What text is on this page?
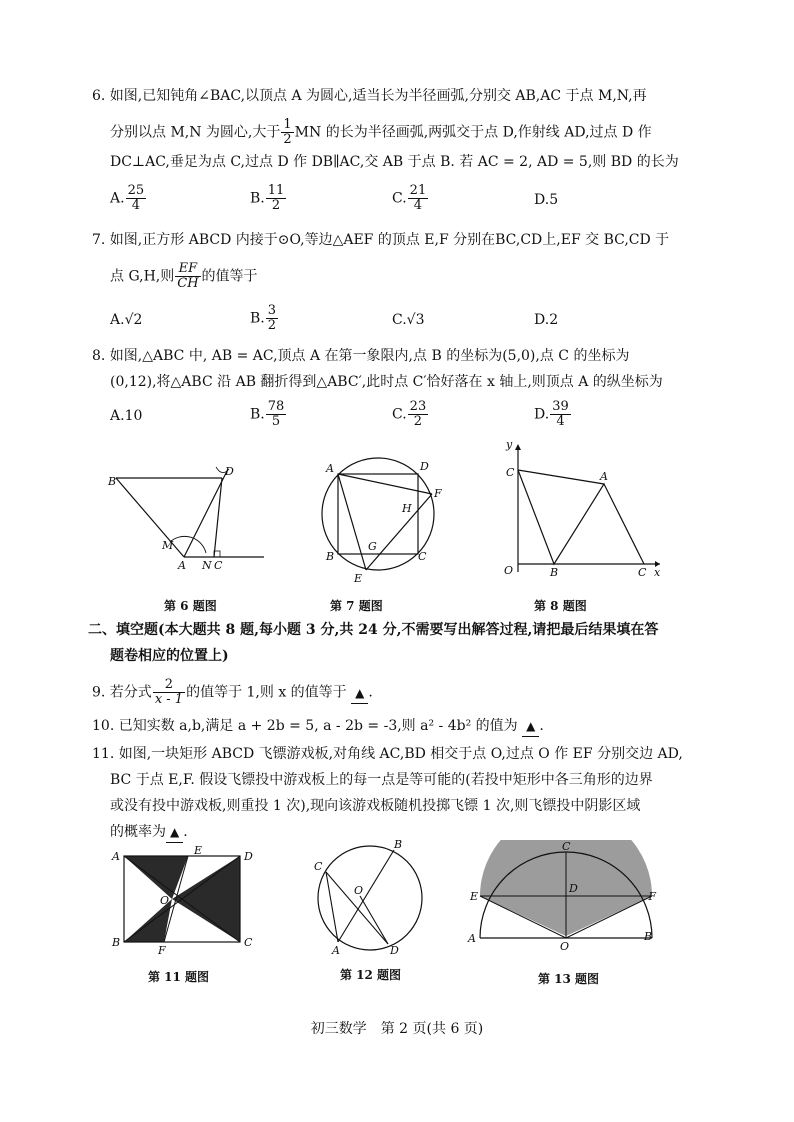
6. 如图,已知钝角∠BAC,以顶点 A 为圆心,适当长为半径画弧,分别交 AB,AC 于点 M,N,再
分别以点 M,N 为圆心,大于 $\frac{1}{2}$ MN 的长为半径画弧,两弧交于点 D,作射线 AD,过点 D 作
DC⊥AC,垂足为点 C,过点 D 作 DB∥AC,交 AB 于点 B. 若 AC = 2, AD = 5,则 BD 的长为
A. $\frac{25}{4}$	B. $\frac{11}{2}$	C. $\frac{21}{4}$	D.5
7. 如图,正方形 ABCD 内接于⊙O,等边△AEF 的顶点 E,F 分别在BC,CD上,EF 交 BC,CD 于
点 G,H,则 $\frac{EF}{CH}$ 的值等于
A.√2	B. $\frac{3}{2}$	C.√3	D.2
8. 如图,△ABC 中, AB = AC,顶点 A 在第一象限内,点 B 的坐标为(5,0),点 C 的坐标为
(0,12),将△ABC 沿 AB 翻折得到△ABC′,此时点 C′恰好落在 x 轴上,则顶点 A 的纵坐标为
A.10	B. $\frac{78}{5}$	C. $\frac{23}{2}$	D. $\frac{39}{4}$
B
D
M
A N C
第 6 题图
A	D
F
H
G
B	C
E
第 7 题图
y
C	A
O	B	C x
第 8 题图
二、填空题(本大题共 8 题,每小题 3 分,共 24 分,不需要写出解答过程,请把最后结果填在答
题卷相应的位置上)
9. 若分式 $\frac{2}{x - 1}$ 的值等于 1,则 x 的值等于 ▲ .
10. 已知实数 a,b,满足 a + 2b = 5, a - 2b = -3,则 a² - 4b² 的值为 ▲ .
11. 如图,一块矩形 ABCD 飞镖游戏板,对角线 AC,BD 相交于点 O,过点 O 作 EF 分别交边 AD,
BC 于点 E,F. 假设飞镖投中游戏板上的每一点是等可能的(若投中矩形中各三角形的边界
或没有投中游戏板,则重投 1 次),现向该游戏板随机投掷飞镖 1 次,则飞镖投中阴影区域
的概率为 ▲ .
A	E	D
O
B
F
C
第 11 题图
C
B
O
A	D
第 12 题图
C
D
E	F
A	B
O
第 13 题图
初三数学　第 2 页(共 6 页)
